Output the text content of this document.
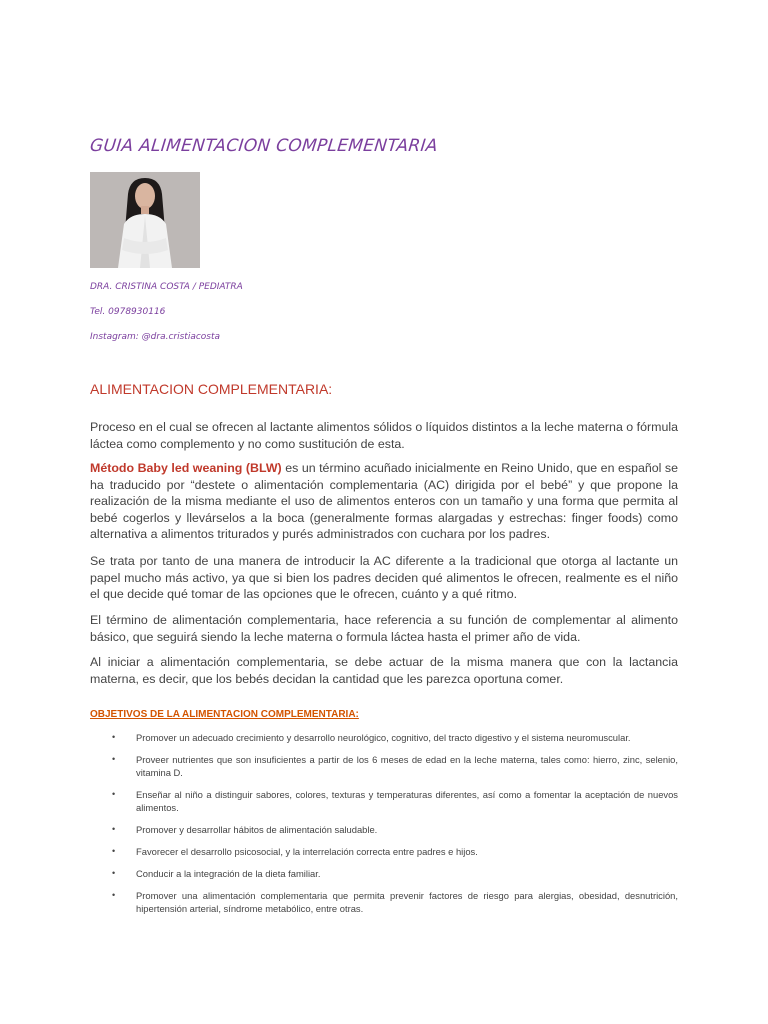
GUIA ALIMENTACION COMPLEMENTARIA
DRA. CRISTINA COSTA / PEDIATRA
Tel. 0978930116
Instagram: @dra.cristiacosta
ALIMENTACION COMPLEMENTARIA:

Proceso en el cual se ofrecen al lactante alimentos sólidos o líquidos distintos a la leche materna o fórmula láctea como complemento y no como sustitución de esta.

Método Baby led weaning (BLW) es un término acuñado inicialmente en Reino Unido, que en español se ha traducido por “destete o alimentación complementaria (AC) dirigida por el bebé” y que propone la realización de la misma mediante el uso de alimentos enteros con un tamaño y una forma que permita al bebé cogerlos y llevárselos a la boca (generalmente formas alargadas y estrechas: finger foods) como alternativa a alimentos triturados y purés administrados con cuchara por los padres.

Se trata por tanto de una manera de introducir la AC diferente a la tradicional que otorga al lactante un papel mucho más activo, ya que si bien los padres deciden qué alimentos le ofrecen, realmente es el niño el que decide qué tomar de las opciones que le ofrecen, cuánto y a qué ritmo.

El término de alimentación complementaria, hace referencia a su función de complementar al alimento básico, que seguirá siendo la leche materna o formula láctea hasta el primer año de vida.

Al iniciar a alimentación complementaria, se debe actuar de la misma manera que con la lactancia materna, es decir, que los bebés decidan la cantidad que les parezca oportuna comer.

OBJETIVOS DE LA ALIMENTACION COMPLEMENTARIA:
• Promover un adecuado crecimiento y desarrollo neurológico, cognitivo, del tracto digestivo y el sistema neuromuscular.
• Proveer nutrientes que son insuficientes a partir de los 6 meses de edad en la leche materna, tales como: hierro, zinc, selenio, vitamina D.
• Enseñar al niño a distinguir sabores, colores, texturas y temperaturas diferentes, así como a fomentar la aceptación de nuevos alimentos.
• Promover y desarrollar hábitos de alimentación saludable.
• Favorecer el desarrollo psicosocial, y la interrelación correcta entre padres e hijos.
• Conducir a la integración de la dieta familiar.
• Promover una alimentación complementaria que permita prevenir factores de riesgo para alergias, obesidad, desnutrición, hipertensión arterial, síndrome metabólico, entre otras.
